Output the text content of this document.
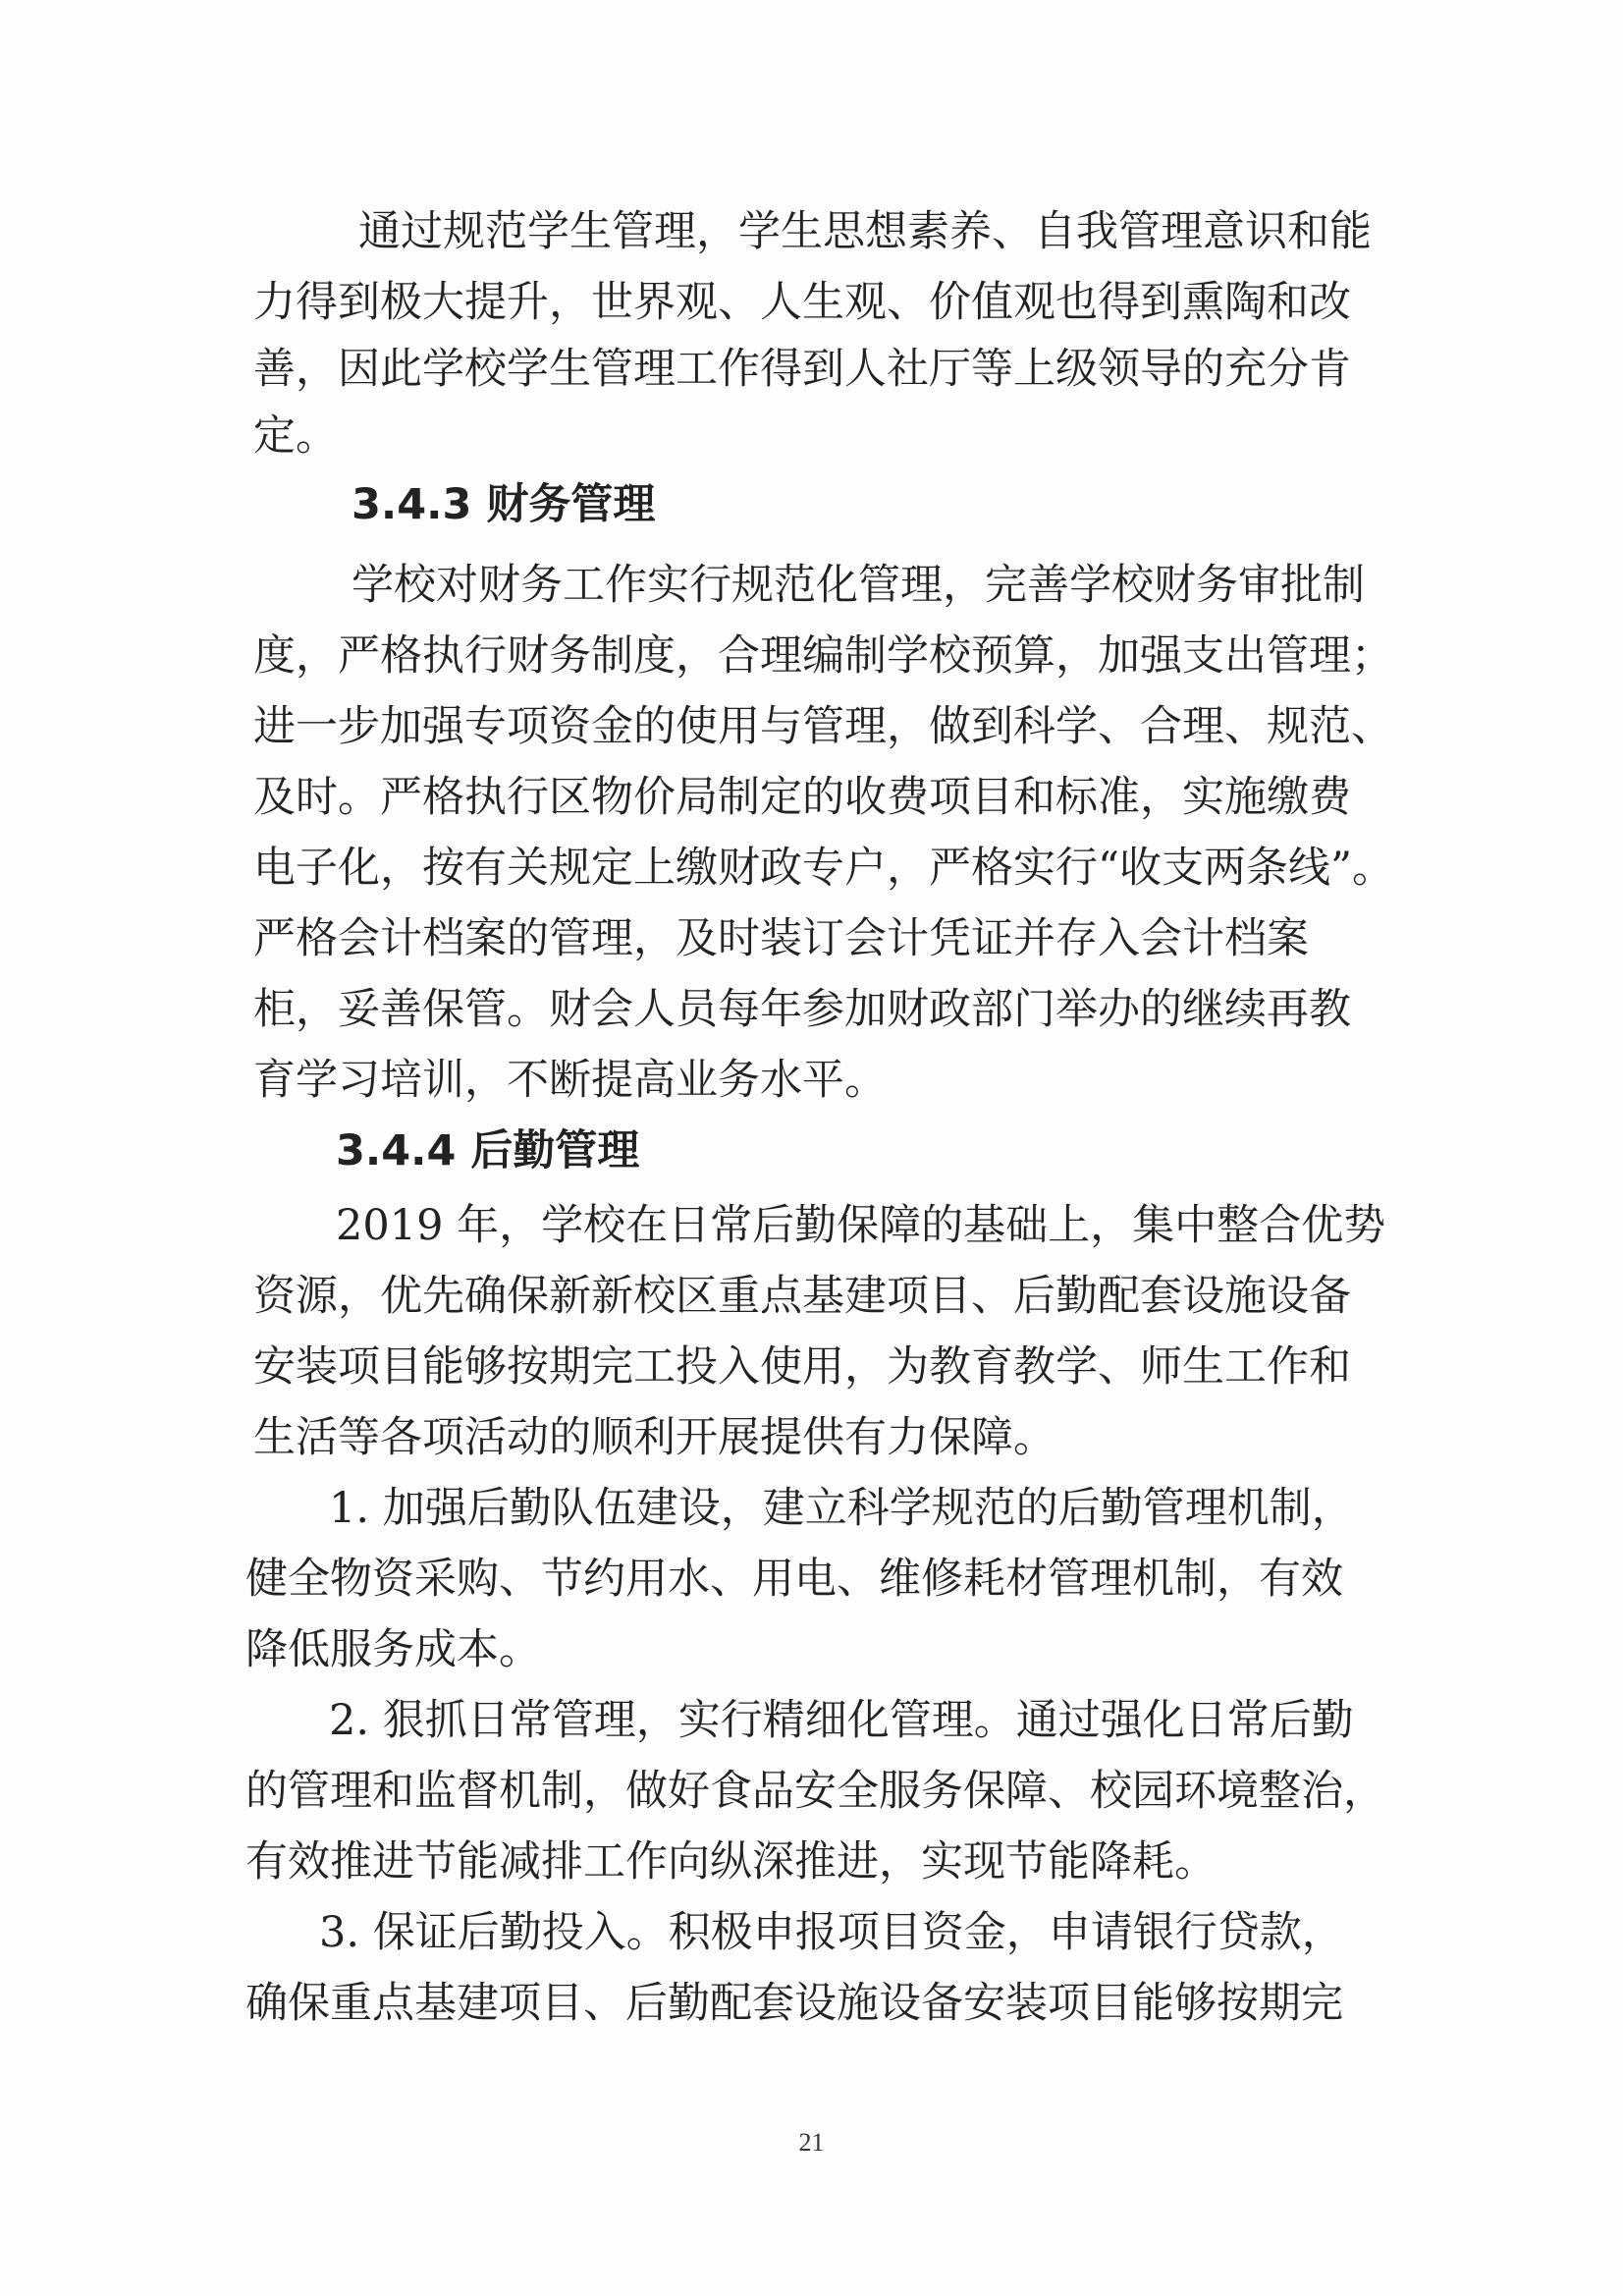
通过规范学生管理，学生思想素养、自我管理意识和能
力得到极大提升，世界观、人生观、价值观也得到熏陶和改
善，因此学校学生管理工作得到人社厅等上级领导的充分肯
定。
3.4.3 财务管理
学校对财务工作实行规范化管理，完善学校财务审批制
度，严格执行财务制度，合理编制学校预算，加强支出管理；
进一步加强专项资金的使用与管理，做到科学、合理、规范、
及时。严格执行区物价局制定的收费项目和标准，实施缴费
电子化，按有关规定上缴财政专户，严格实行“收支两条线”。
严格会计档案的管理，及时装订会计凭证并存入会计档案
柜，妥善保管。财会人员每年参加财政部门举办的继续再教
育学习培训，不断提高业务水平。
3.4.4 后勤管理
2019 年，学校在日常后勤保障的基础上，集中整合优势
资源，优先确保新新校区重点基建项目、后勤配套设施设备
安装项目能够按期完工投入使用，为教育教学、师生工作和
生活等各项活动的顺利开展提供有力保障。
1. 加强后勤队伍建设，建立科学规范的后勤管理机制，
健全物资采购、节约用水、用电、维修耗材管理机制，有效
降低服务成本。
2. 狠抓日常管理，实行精细化管理。通过强化日常后勤
的管理和监督机制，做好食品安全服务保障、校园环境整治，
有效推进节能减排工作向纵深推进，实现节能降耗。
3. 保证后勤投入。积极申报项目资金，申请银行贷款，
确保重点基建项目、后勤配套设施设备安装项目能够按期完
21
